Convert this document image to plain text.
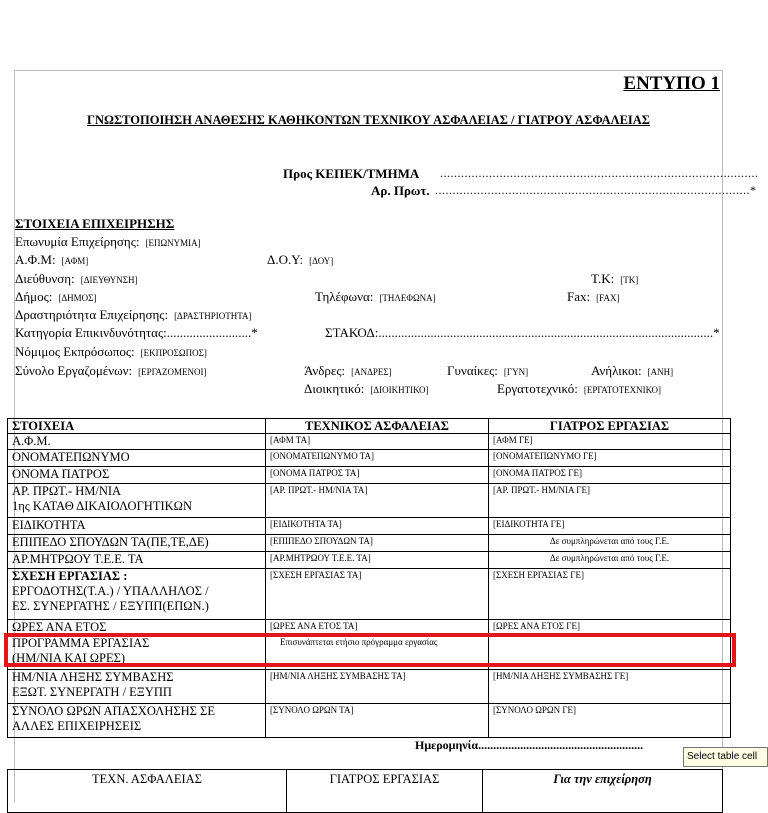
ΕΝΤΥΠΟ 1
ΓΝΩΣΤΟΠΟΙΗΣΗ ΑΝΑΘΕΣΗΣ ΚΑΘΗΚΟΝΤΩΝ ΤΕΧΝΙΚΟΥ ΑΣΦΑΛΕΙΑΣ / ΓΙΑΤΡΟΥ ΑΣΦΑΛΕΙΑΣ
Προς ΚΕΠΕΚ/ΤΜΗΜΑ ...........................................................................................
Αρ. Πρωτ. ..........................................................................................*
ΣΤΟΙΧΕΙΑ ΕΠΙΧΕΙΡΗΣΗΣ
Επωνυμία Επιχείρησης: [ΕΠΩΝΥΜΙΑ]
Α.Φ.Μ: [ΑΦΜ]	Δ.Ο.Υ: [ΔΟΥ]
Διεύθυνση: [ΔΙΕΥΘΥΝΣΗ]	Τ.Κ: [ΤΚ]
Δήμος: [ΔΗΜΟΣ]	Τηλέφωνα: [ΤΗΛΕΦΩΝΑ]	Fax: [FAX]
Δραστηριότητα Επιχείρησης: [ΔΡΑΣΤΗΡΙΟΤΗΤΑ]
Κατηγορία Επικινδυνότητας:..........................*	ΣΤΑΚΟΔ:.......................................................................................................*
Νόμιμος Εκπρόσωπος: [ΕΚΠΡΟΣΩΠΟΣ]
Σύνολο Εργαζομένων: [ΕΡΓΑΖΟΜΕΝΟΙ]	Άνδρες: [ΑΝΔΡΕΣ]	Γυναίκες: [ΓΥΝ]	Ανήλικοι: [ΑΝΗ]
Διοικητικό: [ΔΙΟΙΚΗΤΙΚΟ]	Εργατοτεχνικό: [ΕΡΓΑΤΟΤΕΧΝΙΚΟ]
ΣΤΟΙΧΕΙΑ	ΤΕΧΝΙΚΟΣ ΑΣΦΑΛΕΙΑΣ	ΓΙΑΤΡΟΣ ΕΡΓΑΣΙΑΣ
Α.Φ.Μ.	[ΑΦΜ ΤΑ]	[ΑΦΜ ΓΕ]
ΟΝΟΜΑΤΕΠΩΝΥΜΟ	[ΟΝΟΜΑΤΕΠΩΝΥΜΟ ΤΑ]	[ΟΝΟΜΑΤΕΠΩΝΥΜΟ ΓΕ]
ΟΝΟΜΑ ΠΑΤΡΟΣ	[ΟΝΟΜΑ ΠΑΤΡΟΣ ΤΑ]	[ΟΝΟΜΑ ΠΑΤΡΟΣ ΓΕ]

ΑΡ. ΠΡΩΤ.- ΗΜ/ΝΙΑ
1ης ΚΑΤΑΘ ΔΙΚΑΙΟΛΟΓΗΤΙΚΩΝ	[ΑΡ. ΠΡΩΤ.- ΗΜ/ΝΙΑ ΤΑ]	[ΑΡ. ΠΡΩΤ.- ΗΜ/ΝΙΑ ΓΕ]
ΕΙΔΙΚΟΤΗΤΑ	[ΕΙΔΙΚΟΤΗΤΑ ΤΑ]	[ΕΙΔΙΚΟΤΗΤΑ ΓΕ]
ΕΠΙΠΕΔΟ ΣΠΟΥΔΩΝ ΤΑ(ΠΕ,ΤΕ,ΔΕ)	[ΕΠΙΠΕΔΟ ΣΠΟΥΔΩΝ ΤΑ]	Δε συμπληρώνεται από τους Γ.Ε.
ΑΡ.ΜΗΤΡΩΟΥ Τ.Ε.Ε. ΤΑ	[ΑΡ.ΜΗΤΡΩΟΥ Τ.Ε.Ε. ΤΑ]	Δε συμπληρώνεται από τους Γ.Ε.

ΣΧΕΣΗ ΕΡΓΑΣΙΑΣ :
ΕΡΓΟΔΟΤΗΣ(Τ.Α.) / ΥΠΑΛΛΗΛΟΣ /
ΕΣ. ΣΥΝΕΡΓΑΤΗΣ / ΕΞΥΠΠ(ΕΠΩΝ.)	[ΣΧΕΣΗ ΕΡΓΑΣΙΑΣ ΤΑ]	[ΣΧΕΣΗ ΕΡΓΑΣΙΑΣ ΓΕ]
ΩΡΕΣ ΑΝΑ ΕΤΟΣ	[ΩΡΕΣ ΑΝΑ ΕΤΟΣ ΤΑ]	[ΩΡΕΣ ΑΝΑ ΕΤΟΣ ΓΕ]

ΠΡΟΓΡΑΜΜΑ ΕΡΓΑΣΙΑΣ
(ΗΜ/ΝΙΑ ΚΑΙ ΩΡΕΣ)	Επισυνάπτεται ετήσιο πρόγραμμα εργασίας	

ΗΜ/ΝΙΑ ΛΗΞΗΣ ΣΥΜΒΑΣΗΣ
ΕΞΩΤ. ΣΥΝΕΡΓΑΤΗ / ΕΞΥΠΠ	[ΗΜ/ΝΙΑ ΛΗΞΗΣ ΣΥΜΒΑΣΗΣ ΤΑ]	[ΗΜ/ΝΙΑ ΛΗΞΗΣ ΣΥΜΒΑΣΗΣ ΓΕ]

ΣΥΝΟΛΟ ΩΡΩΝ ΑΠΑΣΧΟΛΗΣΗΣ ΣΕ
ΑΛΛΕΣ ΕΠΙΧΕΙΡΗΣΕΙΣ	[ΣΥΝΟΛΟ ΩΡΩΝ ΤΑ]	[ΣΥΝΟΛΟ ΩΡΩΝ ΓΕ]
Ημερομηνία.......................................................
ΤΕΧΝ. ΑΣΦΑΛΕΙΑΣ	ΓΙΑΤΡΟΣ ΕΡΓΑΣΙΑΣ	Για την επιχείρηση
Select table cell
